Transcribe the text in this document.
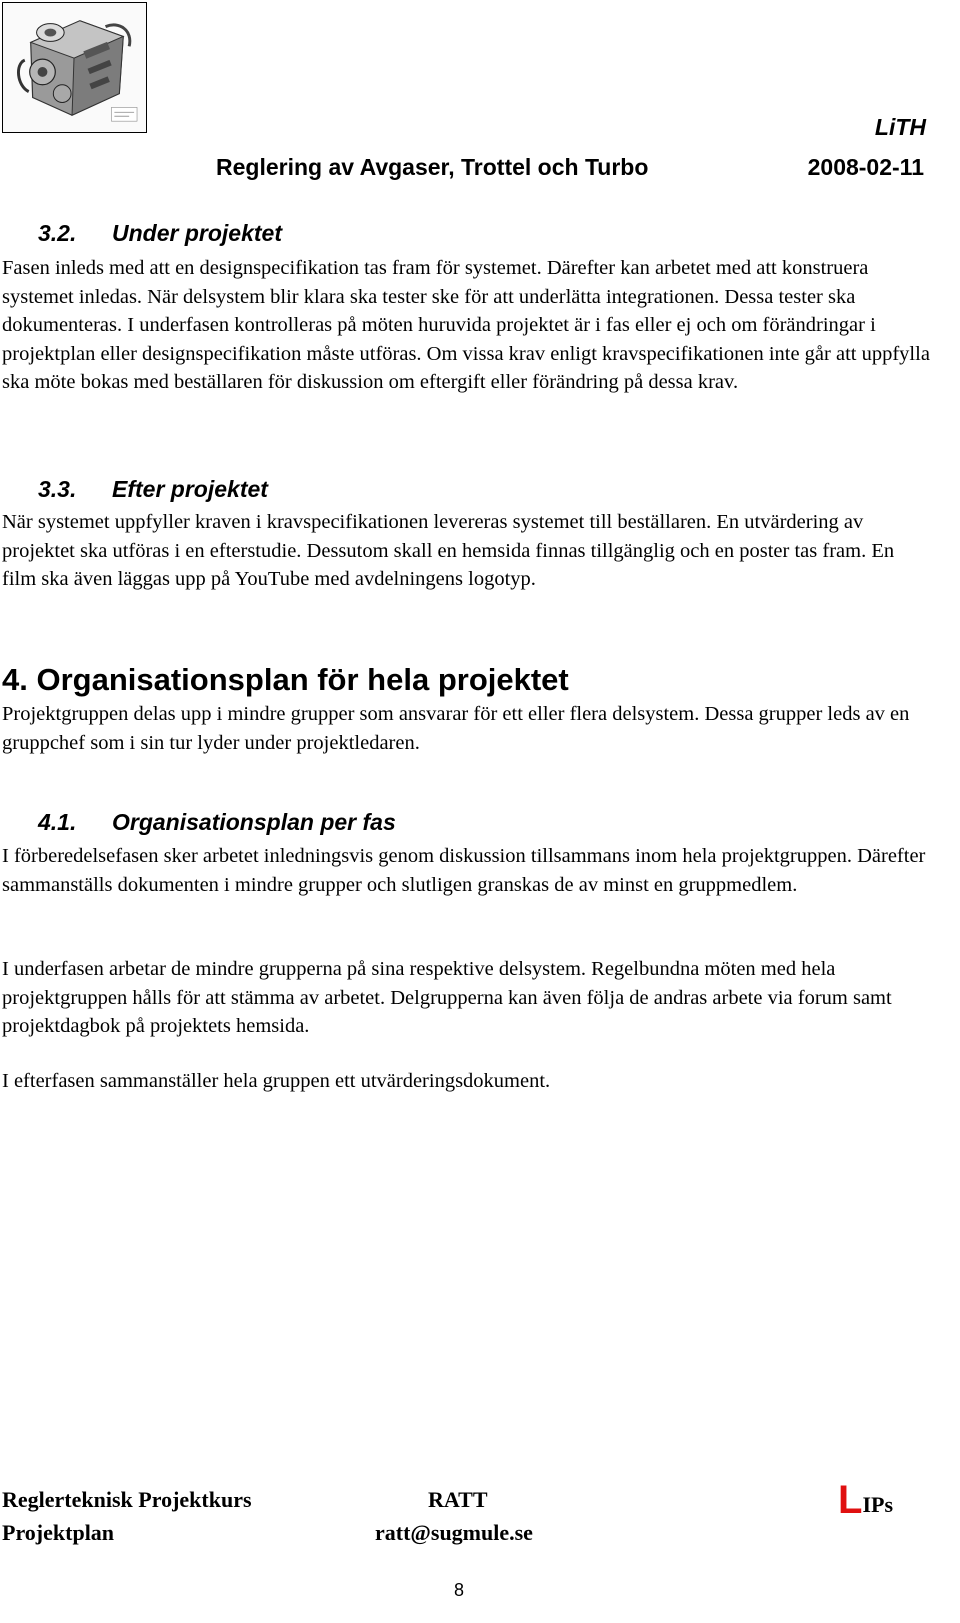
LiTH
Reglering av Avgaser, Trottel och Turbo	2008-02-11
3.2. Under projektet

Fasen inleds med att en designspecifikation tas fram för systemet. Därefter kan arbetet med att konstruera systemet inledas. När delsystem blir klara ska tester ske för att underlätta integrationen. Dessa tester ska dokumenteras. I underfasen kontrolleras på möten huruvida projektet är i fas eller ej och om förändringar i projektplan eller designspecifikation måste utföras. Om vissa krav enligt kravspecifikationen inte går att uppfylla ska möte bokas med beställaren för diskussion om eftergift eller förändring på dessa krav.

3.3. Efter projektet

När systemet uppfyller kraven i kravspecifikationen levereras systemet till beställaren. En utvärdering av projektet ska utföras i en efterstudie. Dessutom skall en hemsida finnas tillgänglig och en poster tas fram. En film ska även läggas upp på YouTube med avdelningens logotyp.

4. Organisationsplan för hela projektet

Projektgruppen delas upp i mindre grupper som ansvarar för ett eller flera delsystem. Dessa grupper leds av en gruppchef som i sin tur lyder under projektledaren.

4.1. Organisationsplan per fas

I förberedelsefasen sker arbetet inledningsvis genom diskussion tillsammans inom hela projektgruppen. Därefter sammanställs dokumenten i mindre grupper och slutligen granskas de av minst en gruppmedlem.

I underfasen arbetar de mindre grupperna på sina respektive delsystem. Regelbundna möten med hela projektgruppen hålls för att stämma av arbetet. Delgrupperna kan även följa de andras arbete via forum samt projektdagbok på projektets hemsida.

I efterfasen sammanställer hela gruppen ett utvärderingsdokument.

Reglerteknisk Projektkurs
Projektplan
RATT
ratt@sugmule.se
LIPs
8
